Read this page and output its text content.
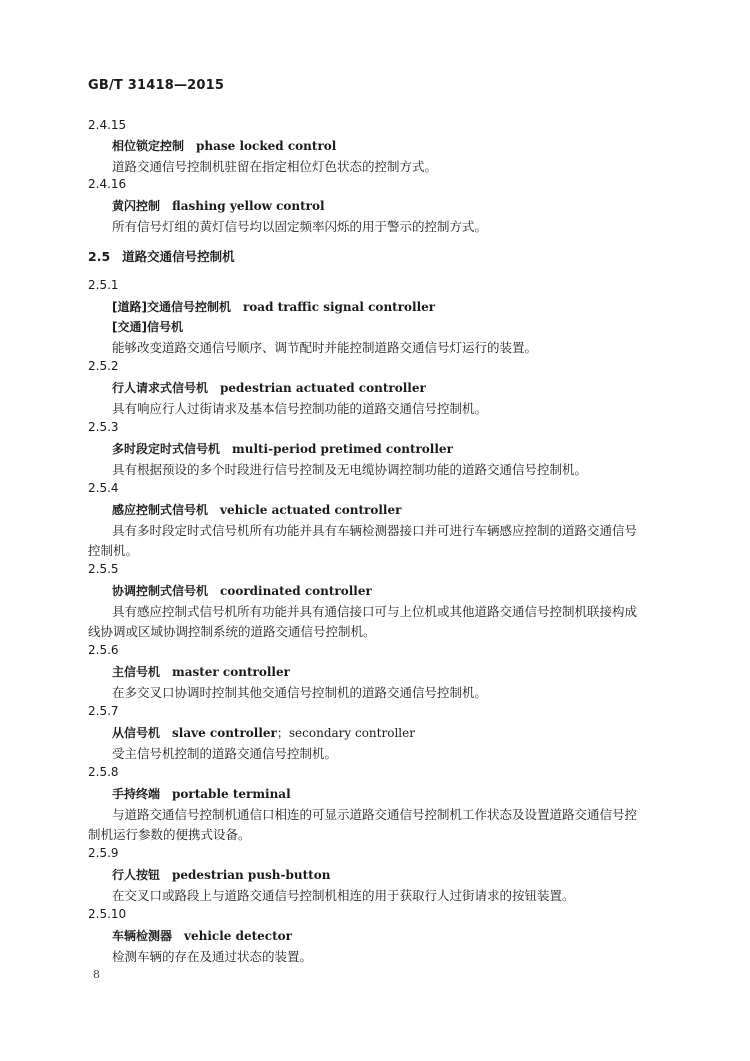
GB/T 31418—2015
2.4.15
相位锁定控制 phase locked control
道路交通信号控制机驻留在指定相位灯色状态的控制方式。
2.4.16
黄闪控制 flashing yellow control
所有信号灯组的黄灯信号均以固定频率闪烁的用于警示的控制方式。
2.5 道路交通信号控制机
2.5.1
[道路]交通信号控制机 road traffic signal controller
[交通]信号机
能够改变道路交通信号顺序、调节配时并能控制道路交通信号灯运行的装置。
2.5.2
行人请求式信号机 pedestrian actuated controller
具有响应行人过街请求及基本信号控制功能的道路交通信号控制机。
2.5.3
多时段定时式信号机 multi-period pretimed controller
具有根据预设的多个时段进行信号控制及无电缆协调控制功能的道路交通信号控制机。
2.5.4
感应控制式信号机 vehicle actuated controller
具有多时段定时式信号机所有功能并具有车辆检测器接口并可进行车辆感应控制的道路交通信号
控制机。
2.5.5
协调控制式信号机 coordinated controller
具有感应控制式信号机所有功能并具有通信接口可与上位机或其他道路交通信号控制机联接构成
线协调或区域协调控制系统的道路交通信号控制机。
2.5.6
主信号机 master controller
在多交叉口协调时控制其他交通信号控制机的道路交通信号控制机。
2.5.7
从信号机 slave controller；secondary controller
受主信号机控制的道路交通信号控制机。
2.5.8
手持终端 portable terminal
与道路交通信号控制机通信口相连的可显示道路交通信号控制机工作状态及设置道路交通信号控
制机运行参数的便携式设备。
2.5.9
行人按钮 pedestrian push-button
在交叉口或路段上与道路交通信号控制机相连的用于获取行人过街请求的按钮装置。
2.5.10
车辆检测器 vehicle detector
检测车辆的存在及通过状态的装置。
8
